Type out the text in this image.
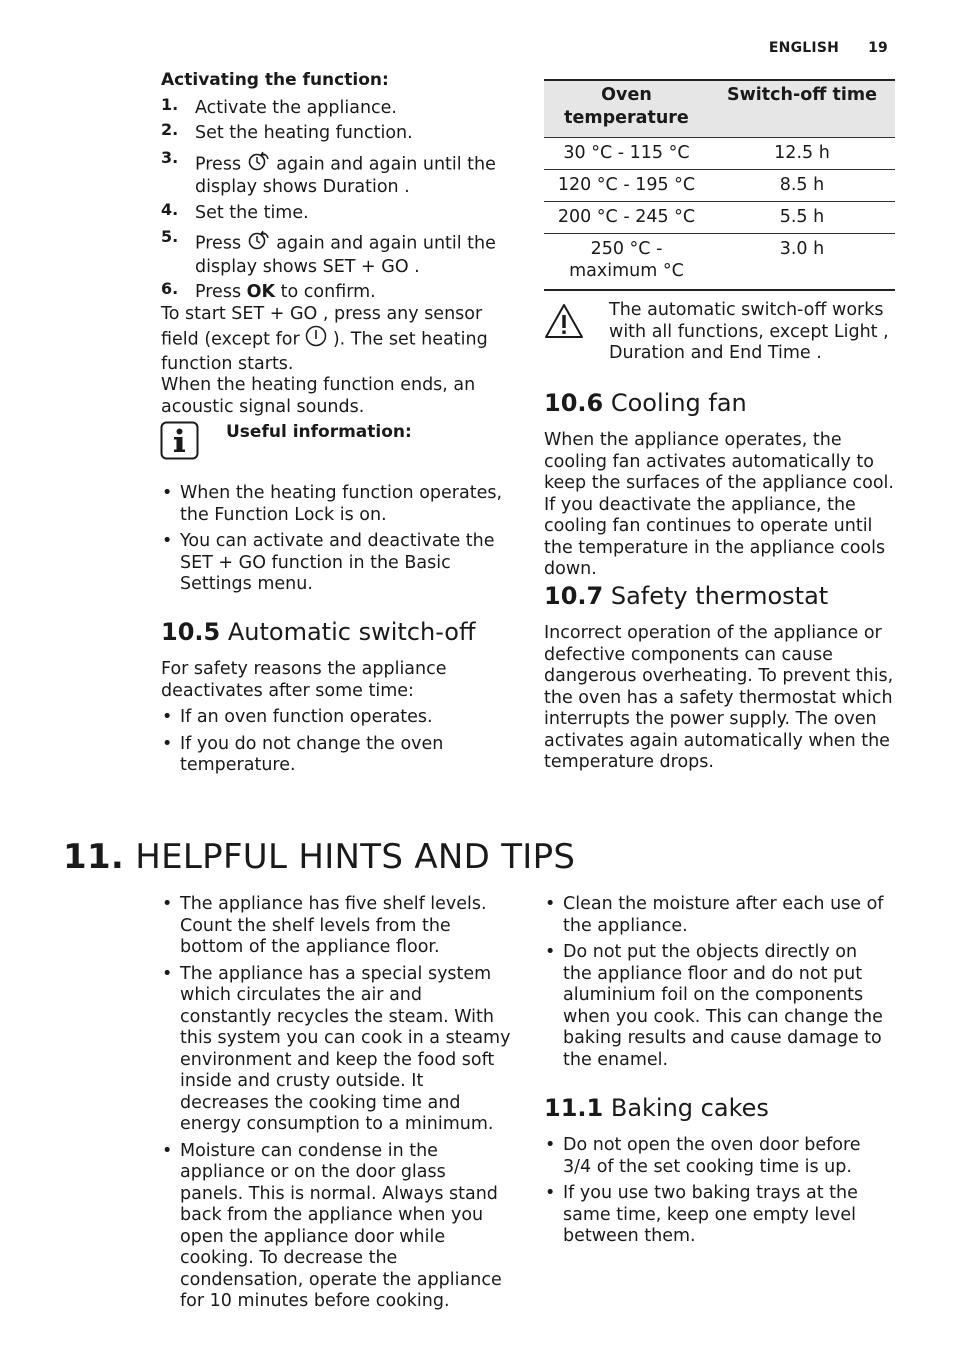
ENGLISH 19
Activating the function:
1. Activate the appliance.
2. Set the heating function.
3. Press again and again until the display shows Duration .
4. Set the time.
5. Press again and again until the display shows SET + GO .
6. Press OK to confirm.

To start SET + GO , press any sensor field (except for ). The set heating function starts.

When the heating function ends, an acoustic signal sounds.

Useful information:
• When the heating function operates, the Function Lock is on.
• You can activate and deactivate the SET + GO function in the Basic Settings menu.
10.5 Automatic switch-off

For safety reasons the appliance deactivates after some time:

• If an oven function operates.
• If you do not change the oven temperature.
Oven temperature	Switch-off time
30 °C - 115 °C	12.5 h
120 °C - 195 °C	8.5 h
200 °C - 245 °C	5.5 h
250 °C - maximum °C	3.0 h
The automatic switch-off works with all functions, except Light , Duration and End Time .
10.6 Cooling fan
When the appliance operates, the cooling fan activates automatically to keep the surfaces of the appliance cool. If you deactivate the appliance, the cooling fan continues to operate until the temperature in the appliance cools down.
10.7 Safety thermostat
Incorrect operation of the appliance or defective components can cause dangerous overheating. To prevent this, the oven has a safety thermostat which interrupts the power supply. The oven activates again automatically when the temperature drops.
11. HELPFUL HINTS AND TIPS
• The appliance has five shelf levels. Count the shelf levels from the bottom of the appliance floor.
• The appliance has a special system which circulates the air and constantly recycles the steam. With this system you can cook in a steamy environment and keep the food soft inside and crusty outside. It decreases the cooking time and energy consumption to a minimum.
• Moisture can condense in the appliance or on the door glass panels. This is normal. Always stand back from the appliance when you open the appliance door while cooking. To decrease the condensation, operate the appliance for 10 minutes before cooking.
• Clean the moisture after each use of the appliance.
• Do not put the objects directly on the appliance floor and do not put aluminium foil on the components when you cook. This can change the baking results and cause damage to the enamel.
11.1 Baking cakes
• Do not open the oven door before 3/4 of the set cooking time is up.
• If you use two baking trays at the same time, keep one empty level between them.
